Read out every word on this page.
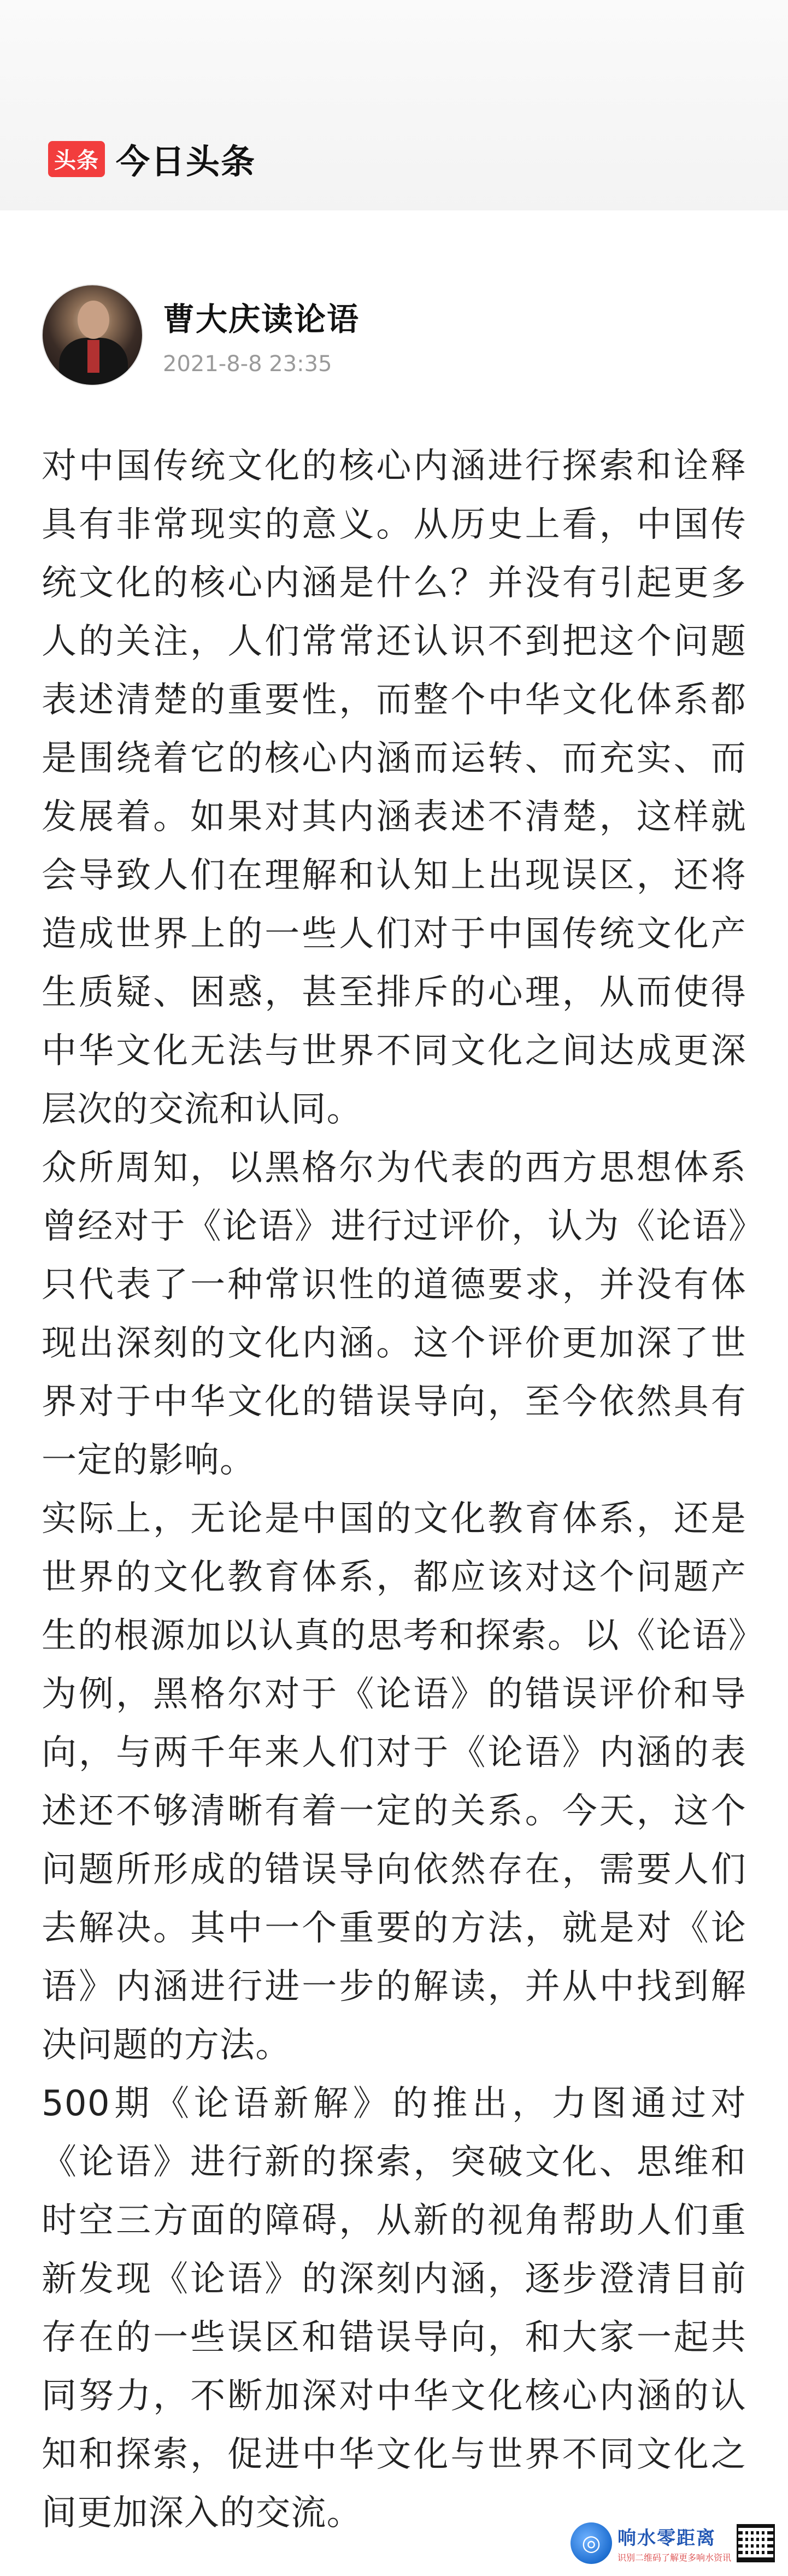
头条 今日头条
曹大庆读论语
2021-8-8 23:35

对中国传统文化的核心内涵进行探索和诠释具有非常现实的意义。从历史上看，中国传统文化的核心内涵是什么？并没有引起更多人的关注，人们常常还认识不到把这个问题表述清楚的重要性，而整个中华文化体系都是围绕着它的核心内涵而运转、而充实、而发展着。如果对其内涵表述不清楚，这样就会导致人们在理解和认知上出现误区，还将造成世界上的一些人们对于中国传统文化产生质疑、困惑，甚至排斥的心理，从而使得中华文化无法与世界不同文化之间达成更深层次的交流和认同。

众所周知，以黑格尔为代表的西方思想体系曾经对于《论语》进行过评价，认为《论语》只代表了一种常识性的道德要求，并没有体现出深刻的文化内涵。这个评价更加深了世界对于中华文化的错误导向，至今依然具有一定的影响。

实际上，无论是中国的文化教育体系，还是世界的文化教育体系，都应该对这个问题产生的根源加以认真的思考和探索。以《论语》为例，黑格尔对于《论语》的错误评价和导向，与两千年来人们对于《论语》内涵的表述还不够清晰有着一定的关系。今天，这个问题所形成的错误导向依然存在，需要人们去解决。其中一个重要的方法，就是对《论语》内涵进行进一步的解读，并从中找到解决问题的方法。

500期《论语新解》的推出，力图通过对《论语》进行新的探索，突破文化、思维和时空三方面的障碍，从新的视角帮助人们重新发现《论语》的深刻内涵，逐步澄清目前存在的一些误区和错误导向，和大家一起共同努力，不断加深对中华文化核心内涵的认知和探索，促进中华文化与世界不同文化之间更加深入的交流。

◎ 响水零距离
识别二维码了解更多响水资讯
